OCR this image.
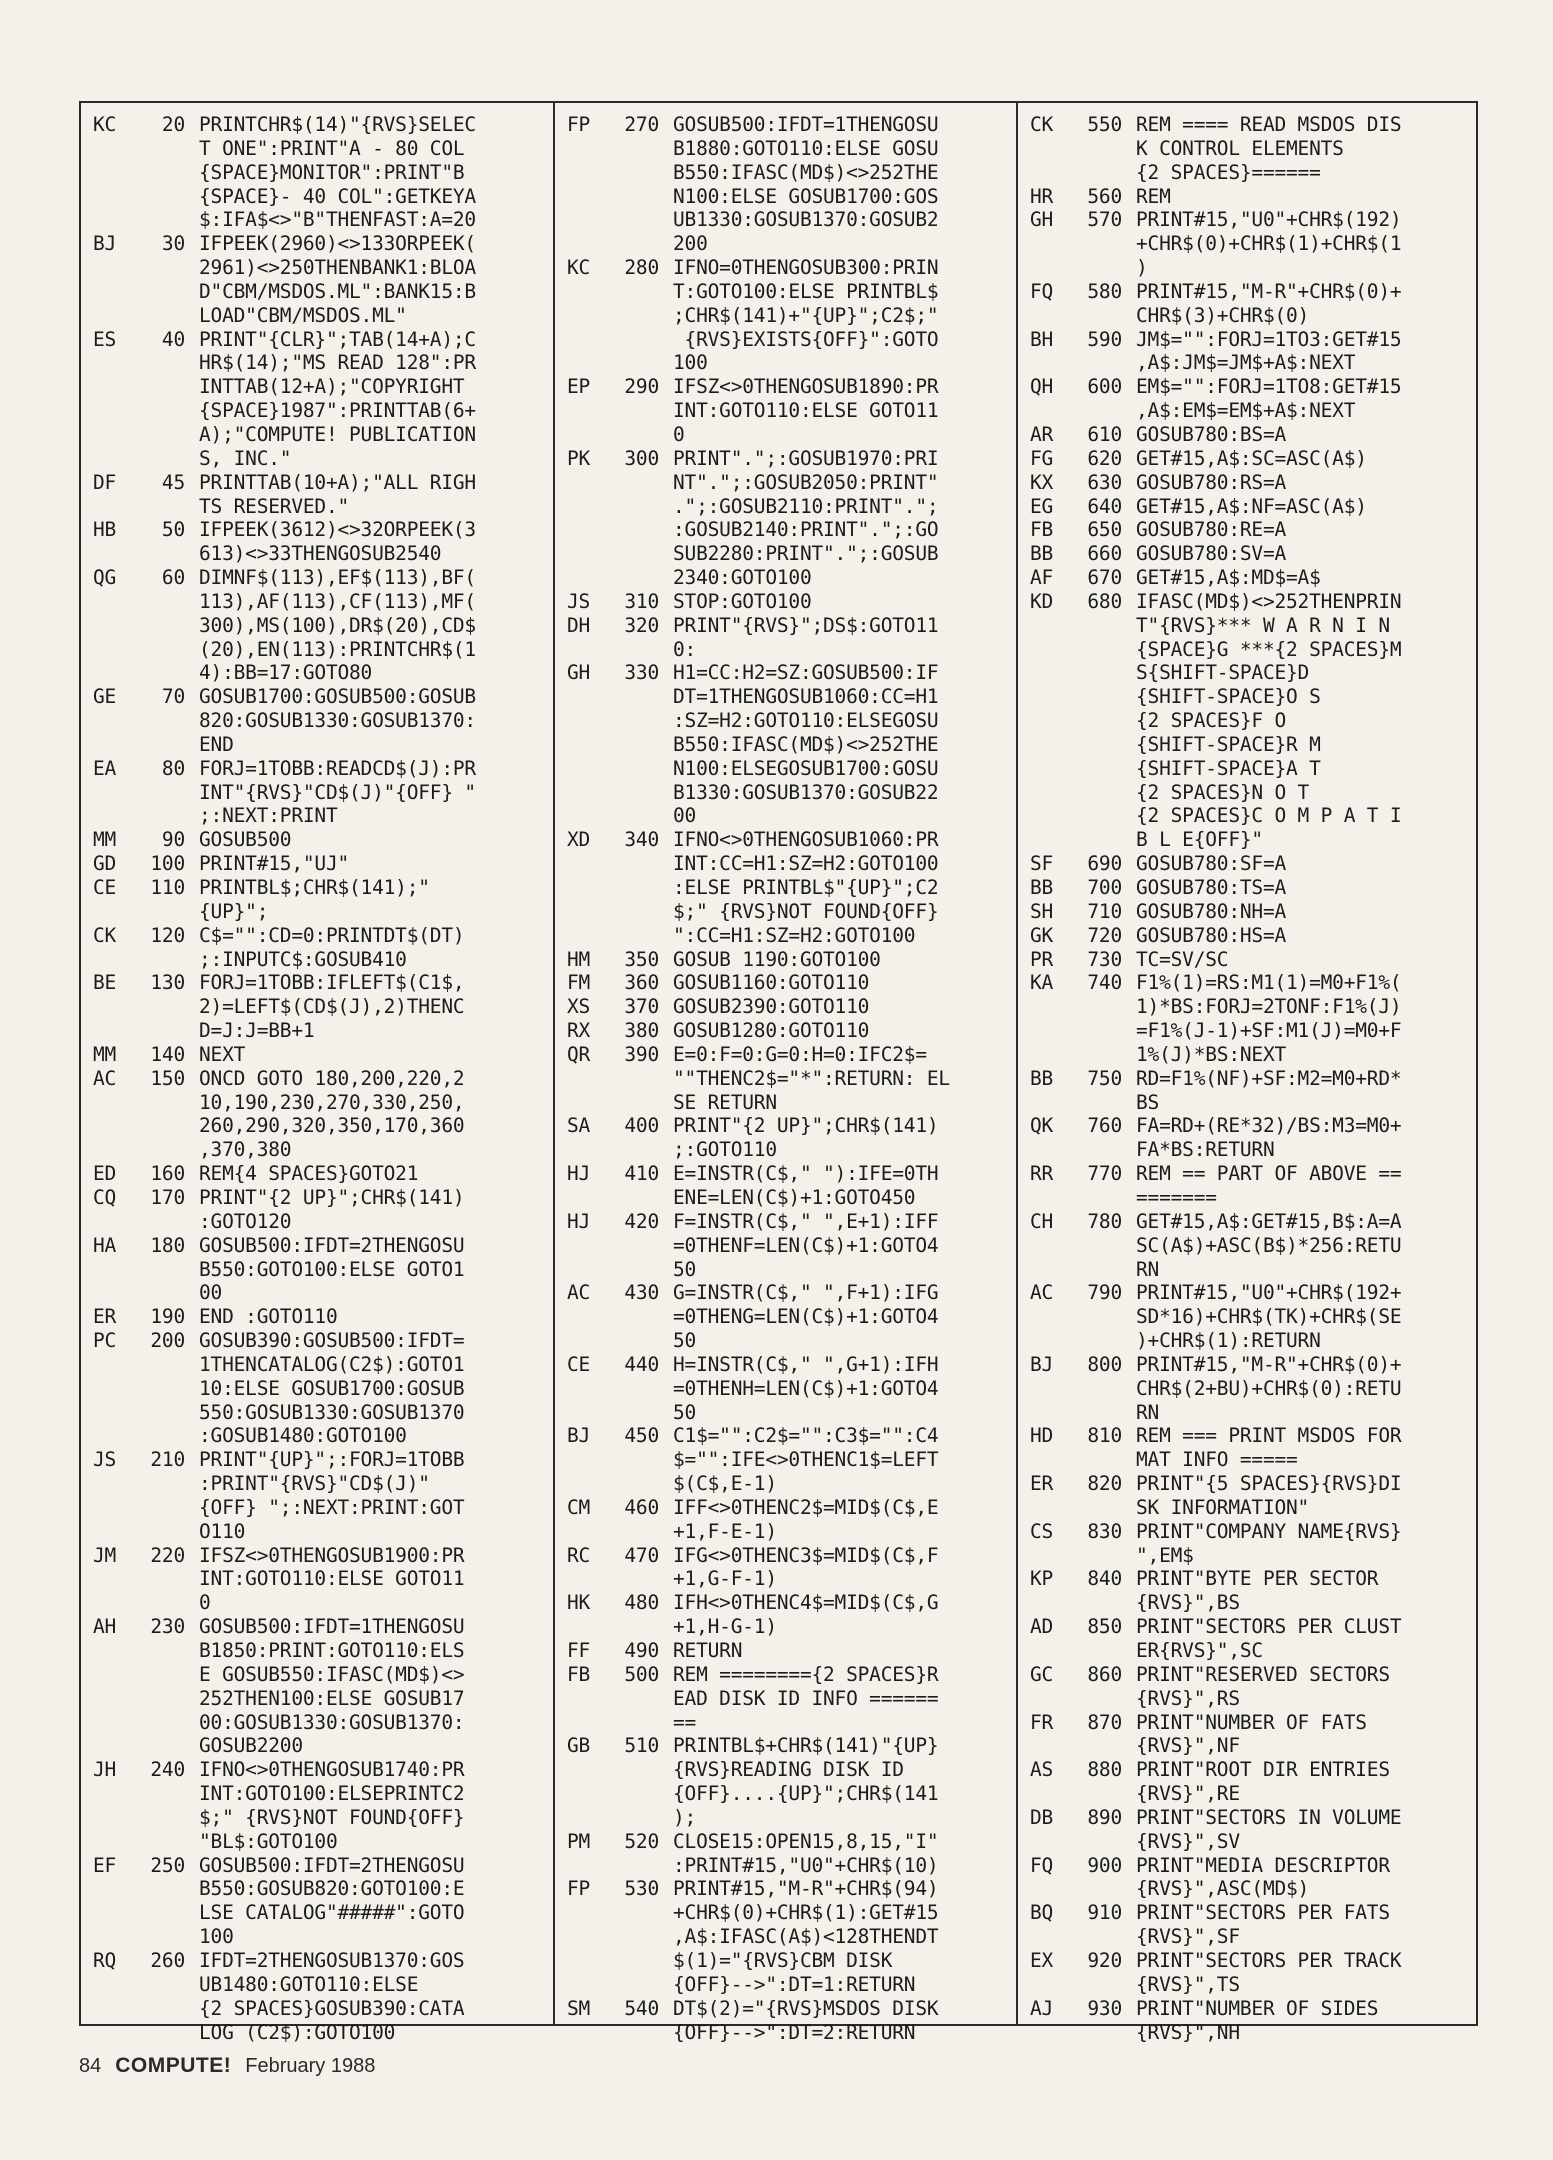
KC	20 PRINTCHR$(14)"{RVS}SELEC
T ONE":PRINT"A - 80 COL
{SPACE}MONITOR":PRINT"B
{SPACE}- 40 COL":GETKEYA
$:IFA$<>"B"THENFAST:A=20
BJ	30 IFPEEK(2960)<>133ORPEEK(
2961)<>250THENBANK1:BLOA
D"CBM/MSDOS.ML":BANK15:B
LOAD"CBM/MSDOS.ML"
ES	40 PRINT"{CLR}";TAB(14+A);C
HR$(14);"MS READ 128":PR
INTTAB(12+A);"COPYRIGHT
{SPACE}1987":PRINTTAB(6+
A);"COMPUTE! PUBLICATION
S, INC."
DF	45 PRINTTAB(10+A);"ALL RIGH
TS RESERVED."
HB	50 IFPEEK(3612)<>32ORPEEK(3
613)<>33THENGOSUB2540
QG	60 DIMNF$(113),EF$(113),BF(
113),AF(113),CF(113),MF(
300),MS(100),DR$(20),CD$
(20),EN(113):PRINTCHR$(1
4):BB=17:GOTO80
GE	70 GOSUB1700:GOSUB500:GOSUB
820:GOSUB1330:GOSUB1370:
END
EA	80 FORJ=1TOBB:READCD$(J):PR
INT"{RVS}"CD$(J)"{OFF} "
;:NEXT:PRINT
MM	90 GOSUB500
GD	100 PRINT#15,"UJ"
CE	110 PRINTBL$;CHR$(141);"
{UP}";
CK	120 C$="":CD=0:PRINTDT$(DT)
;:INPUTC$:GOSUB410
BE	130 FORJ=1TOBB:IFLEFT$(C1$,
2)=LEFT$(CD$(J),2)THENC
D=J:J=BB+1
MM	140 NEXT
AC	150 ONCD GOTO 180,200,220,2
10,190,230,270,330,250,
260,290,320,350,170,360
,370,380
ED	160 REM{4 SPACES}GOTO21
CQ	170 PRINT"{2 UP}";CHR$(141)
:GOTO120
HA	180 GOSUB500:IFDT=2THENGOSU
B550:GOTO100:ELSE GOTO1
00
ER	190 END :GOTO110
PC	200 GOSUB390:GOSUB500:IFDT=
1THENCATALOG(C2$):GOTO1
10:ELSE GOSUB1700:GOSUB
550:GOSUB1330:GOSUB1370
:GOSUB1480:GOTO100
JS	210 PRINT"{UP}";:FORJ=1TOBB
:PRINT"{RVS}"CD$(J)"
{OFF} ";:NEXT:PRINT:GOT
O110
JM	220 IFSZ<>0THENGOSUB1900:PR
INT:GOTO110:ELSE GOTO11
0
AH	230 GOSUB500:IFDT=1THENGOSU
B1850:PRINT:GOTO110:ELS
E GOSUB550:IFASC(MD$)<>
252THEN100:ELSE GOSUB17
00:GOSUB1330:GOSUB1370:
GOSUB2200
JH	240 IFNO<>0THENGOSUB1740:PR
INT:GOTO100:ELSEPRINTC2
$;" {RVS}NOT FOUND{OFF}
"BL$:GOTO100
EF	250 GOSUB500:IFDT=2THENGOSU
B550:GOSUB820:GOTO100:E
LSE CATALOG"#####":GOTO
100
RQ	260 IFDT=2THENGOSUB1370:GOS
UB1480:GOTO110:ELSE
{2 SPACES}GOSUB390:CATA
LOG (C2$):GOTO100
FP	270 GOSUB500:IFDT=1THENGOSU
B1880:GOTO110:ELSE GOSU
B550:IFASC(MD$)<>252THE
N100:ELSE GOSUB1700:GOS
UB1330:GOSUB1370:GOSUB2
200
KC	280 IFNO=0THENGOSUB300:PRIN
T:GOTO100:ELSE PRINTBL$
;CHR$(141)+"{UP}";C2$;"
{RVS}EXISTS{OFF}":GOTO
100
EP	290 IFSZ<>0THENGOSUB1890:PR
INT:GOTO110:ELSE GOTO11
0
PK	300 PRINT".";:GOSUB1970:PRI
NT".";:GOSUB2050:PRINT"
.";:GOSUB2110:PRINT".";
:GOSUB2140:PRINT".";:GO
SUB2280:PRINT".";:GOSUB
2340:GOTO100
JS	310 STOP:GOTO100
DH	320 PRINT"{RVS}";DS$:GOTO11
0:
GH	330 H1=CC:H2=SZ:GOSUB500:IF
DT=1THENGOSUB1060:CC=H1
:SZ=H2:GOTO110:ELSEGOSU
B550:IFASC(MD$)<>252THE
N100:ELSEGOSUB1700:GOSU
B1330:GOSUB1370:GOSUB22
00
XD	340 IFNO<>0THENGOSUB1060:PR
INT:CC=H1:SZ=H2:GOTO100
:ELSE PRINTBL$"{UP}";C2
$;" {RVS}NOT FOUND{OFF}
":CC=H1:SZ=H2:GOTO100
HM	350 GOSUB 1190:GOTO100
FM	360 GOSUB1160:GOTO110
XS	370 GOSUB2390:GOTO110
RX	380 GOSUB1280:GOTO110
QR	390 E=0:F=0:G=0:H=0:IFC2$=
""THENC2$="*":RETURN: EL
SE RETURN
SA	400 PRINT"{2 UP}";CHR$(141)
;:GOTO110
HJ	410 E=INSTR(C$," "):IFE=0TH
ENE=LEN(C$)+1:GOTO450
HJ	420 F=INSTR(C$," ",E+1):IFF
=0THENF=LEN(C$)+1:GOTO4
50
AC	430 G=INSTR(C$," ",F+1):IFG
=0THENG=LEN(C$)+1:GOTO4
50
CE	440 H=INSTR(C$," ",G+1):IFH
=0THENH=LEN(C$)+1:GOTO4
50
BJ	450 C1$="":C2$="":C3$="":C4
$="":IFE<>0THENC1$=LEFT
$(C$,E-1)
CM	460 IFF<>0THENC2$=MID$(C$,E
+1,F-E-1)
RC	470 IFG<>0THENC3$=MID$(C$,F
+1,G-F-1)
HK	480 IFH<>0THENC4$=MID$(C$,G
+1,H-G-1)
FF	490 RETURN
FB	500 REM ========{2 SPACES}R
EAD DISK ID INFO ======
==
GB	510 PRINTBL$+CHR$(141)"{UP}
{RVS}READING DISK ID
{OFF}....{UP}";CHR$(141
);
PM	520 CLOSE15:OPEN15,8,15,"I"
:PRINT#15,"U0"+CHR$(10)
FP	530 PRINT#15,"M-R"+CHR$(94)
+CHR$(0)+CHR$(1):GET#15
,A$:IFASC(A$)<128THENDT
$(1)="{RVS}CBM DISK
{OFF}-->":DT=1:RETURN
SM	540 DT$(2)="{RVS}MSDOS DISK
{OFF}-->":DT=2:RETURN
CK	550 REM ==== READ MSDOS DIS
K CONTROL ELEMENTS
{2 SPACES}======
HR	560 REM
GH	570 PRINT#15,"U0"+CHR$(192)
+CHR$(0)+CHR$(1)+CHR$(1
)
FQ	580 PRINT#15,"M-R"+CHR$(0)+
CHR$(3)+CHR$(0)
BH	590 JM$="":FORJ=1TO3:GET#15
,A$:JM$=JM$+A$:NEXT
QH	600 EM$="":FORJ=1TO8:GET#15
,A$:EM$=EM$+A$:NEXT
AR	610 GOSUB780:BS=A
FG	620 GET#15,A$:SC=ASC(A$)
KX	630 GOSUB780:RS=A
EG	640 GET#15,A$:NF=ASC(A$)
FB	650 GOSUB780:RE=A
BB	660 GOSUB780:SV=A
AF	670 GET#15,A$:MD$=A$
KD	680 IFASC(MD$)<>252THENPRIN
T"{RVS}*** W A R N I N
{SPACE}G ***{2 SPACES}M
S{SHIFT-SPACE}D
{SHIFT-SPACE}O S
{2 SPACES}F O
{SHIFT-SPACE}R M
{SHIFT-SPACE}A T
{2 SPACES}N O T
{2 SPACES}C O M P A T I
B L E{OFF}"
SF	690 GOSUB780:SF=A
BB	700 GOSUB780:TS=A
SH	710 GOSUB780:NH=A
GK	720 GOSUB780:HS=A
PR	730 TC=SV/SC
KA	740 F1%(1)=RS:M1(1)=M0+F1%(
1)*BS:FORJ=2TONF:F1%(J)
=F1%(J-1)+SF:M1(J)=M0+F
1%(J)*BS:NEXT
BB	750 RD=F1%(NF)+SF:M2=M0+RD*
BS
QK	760 FA=RD+(RE*32)/BS:M3=M0+
FA*BS:RETURN
RR	770 REM == PART OF ABOVE ==
=======
CH	780 GET#15,A$:GET#15,B$:A=A
SC(A$)+ASC(B$)*256:RETU
RN
AC	790 PRINT#15,"U0"+CHR$(192+
SD*16)+CHR$(TK)+CHR$(SE
)+CHR$(1):RETURN
BJ	800 PRINT#15,"M-R"+CHR$(0)+
CHR$(2+BU)+CHR$(0):RETU
RN
HD	810 REM === PRINT MSDOS FOR
MAT INFO =====
ER	820 PRINT"{5 SPACES}{RVS}DI
SK INFORMATION"
CS	830 PRINT"COMPANY NAME{RVS}
",EM$
KP	840 PRINT"BYTE PER SECTOR
{RVS}",BS
AD	850 PRINT"SECTORS PER CLUST
ER{RVS}",SC
GC	860 PRINT"RESERVED SECTORS
{RVS}",RS
FR	870 PRINT"NUMBER OF FATS
{RVS}",NF
AS	880 PRINT"ROOT DIR ENTRIES
{RVS}",RE
DB	890 PRINT"SECTORS IN VOLUME
{RVS}",SV
FQ	900 PRINT"MEDIA DESCRIPTOR
{RVS}",ASC(MD$)
BQ	910 PRINT"SECTORS PER FATS
{RVS}",SF
EX	920 PRINT"SECTORS PER TRACK
{RVS}",TS
AJ	930 PRINT"NUMBER OF SIDES
{RVS}",NH
84 COMPUTE! February 1988
